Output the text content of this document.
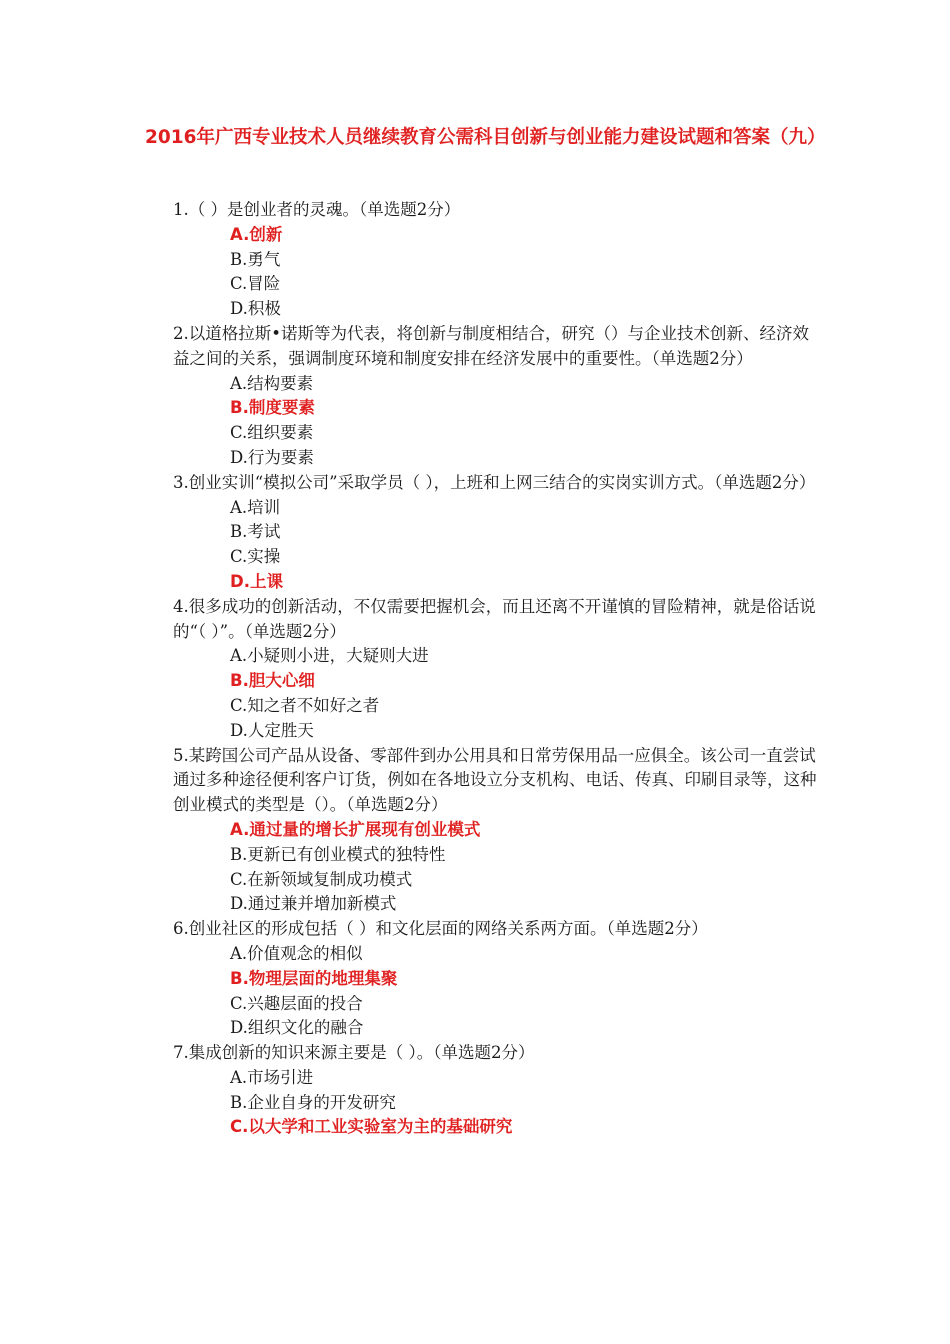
2016年广西专业技术人员继续教育公需科目创新与创业能力建设试题和答案（九）

1.（ ）是创业者的灵魂。（单选题2分）

A.创新

B.勇气

C.冒险

D.积极

2.以道格拉斯•诺斯等为代表，将创新与制度相结合，研究（）与企业技术创新、经济效益之间的关系，强调制度环境和制度安排在经济发展中的重要性。（单选题2分）

A.结构要素

B.制度要素

C.组织要素

D.行为要素

3.创业实训“模拟公司”采取学员（ ），上班和上网三结合的实岗实训方式。（单选题2分）

A.培训

B.考试

C.实操

D.上课

4.很多成功的创新活动，不仅需要把握机会，而且还离不开谨慎的冒险精神，就是俗话说的“（ ）”。（单选题2分）

A.小疑则小进，大疑则大进

B.胆大心细

C.知之者不如好之者

D.人定胜天

5.某跨国公司产品从设备、零部件到办公用具和日常劳保用品一应俱全。该公司一直尝试通过多种途径便利客户订货，例如在各地设立分支机构、电话、传真、印刷目录等，这种创业模式的类型是（）。（单选题2分）

A.通过量的增长扩展现有创业模式

B.更新已有创业模式的独特性

C.在新领域复制成功模式

D.通过兼并增加新模式

6.创业社区的形成包括（ ）和文化层面的网络关系两方面。（单选题2分）

A.价值观念的相似

B.物理层面的地理集聚

C.兴趣层面的投合

D.组织文化的融合

7.集成创新的知识来源主要是（ ）。（单选题2分）

A.市场引进

B.企业自身的开发研究

C.以大学和工业实验室为主的基础研究
